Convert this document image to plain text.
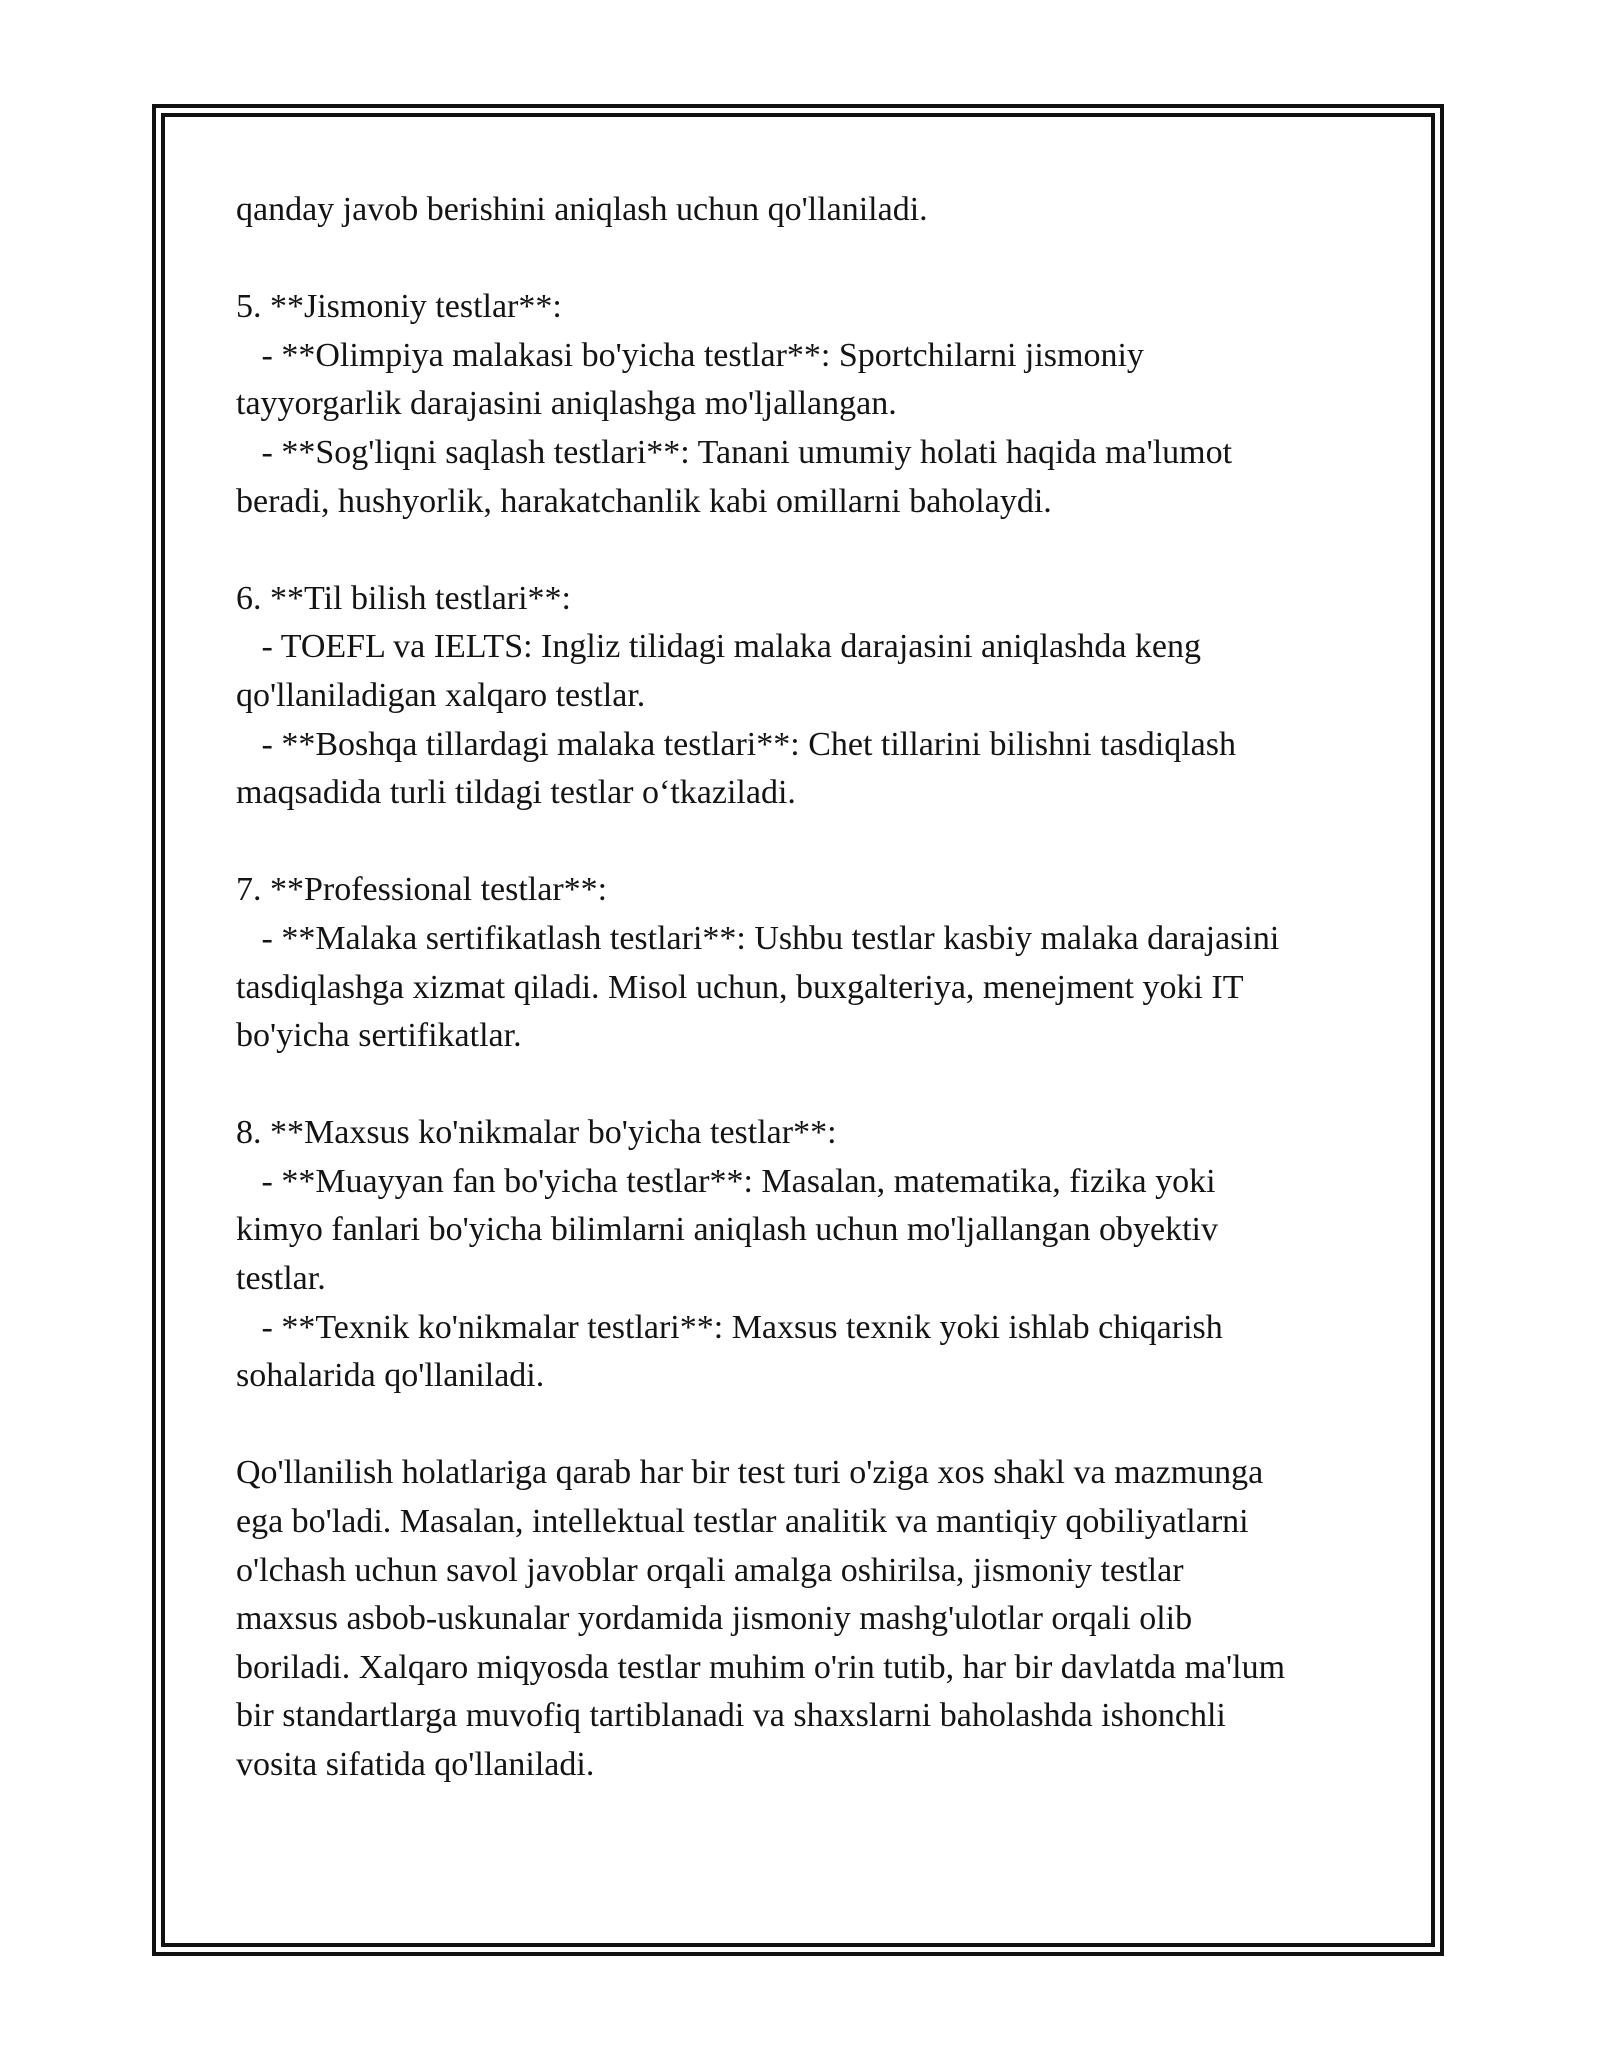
qanday javob berishini aniqlash uchun qo'llaniladi.
5. **Jismoniy testlar**:
- **Olimpiya malakasi bo'yicha testlar**: Sportchilarni jismoniy
tayyorgarlik darajasini aniqlashga mo'ljallangan.
- **Sog'liqni saqlash testlari**: Tanani umumiy holati haqida ma'lumot
beradi, hushyorlik, harakatchanlik kabi omillarni baholaydi.
6. **Til bilish testlari**:
- TOEFL va IELTS: Ingliz tilidagi malaka darajasini aniqlashda keng
qo'llaniladigan xalqaro testlar.
- **Boshqa tillardagi malaka testlari**: Chet tillarini bilishni tasdiqlash
maqsadida turli tildagi testlar o‘tkaziladi.
7. **Professional testlar**:
- **Malaka sertifikatlash testlari**: Ushbu testlar kasbiy malaka darajasini
tasdiqlashga xizmat qiladi. Misol uchun, buxgalteriya, menejment yoki IT
bo'yicha sertifikatlar.
8. **Maxsus ko'nikmalar bo'yicha testlar**:
- **Muayyan fan bo'yicha testlar**: Masalan, matematika, fizika yoki
kimyo fanlari bo'yicha bilimlarni aniqlash uchun mo'ljallangan obyektiv
testlar.
- **Texnik ko'nikmalar testlari**: Maxsus texnik yoki ishlab chiqarish
sohalarida qo'llaniladi.
Qo'llanilish holatlariga qarab har bir test turi o'ziga xos shakl va mazmunga
ega bo'ladi. Masalan, intellektual testlar analitik va mantiqiy qobiliyatlarni
o'lchash uchun savol javoblar orqali amalga oshirilsa, jismoniy testlar
maxsus asbob-uskunalar yordamida jismoniy mashg'ulotlar orqali olib
boriladi. Xalqaro miqyosda testlar muhim o'rin tutib, har bir davlatda ma'lum
bir standartlarga muvofiq tartiblanadi va shaxslarni baholashda ishonchli
vosita sifatida qo'llaniladi.
